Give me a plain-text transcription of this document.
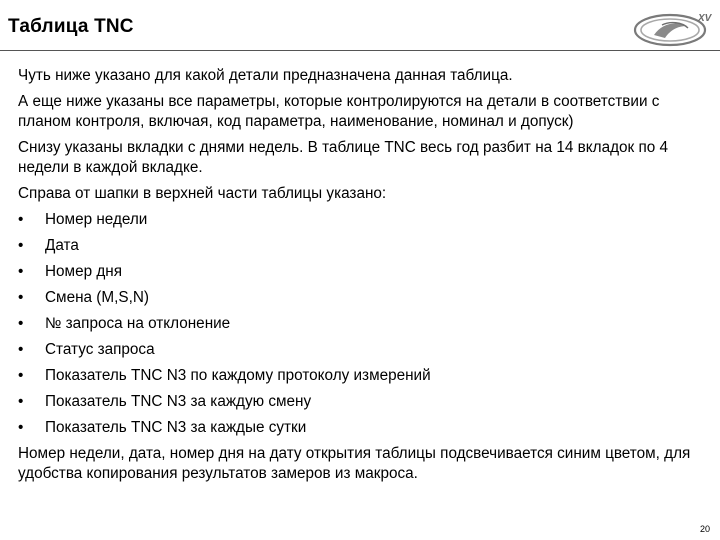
Таблица TNC	XV

Чуть ниже указано для какой детали предназначена данная таблица.

А еще ниже указаны все параметры, которые контролируются на детали в соответствии с планом контроля, включая, код параметра, наименование, номинал и допуск)

Снизу указаны вкладки с днями недель. В таблице TNC весь год разбит на 14 вкладок по 4 недели в каждой вкладке.

Справа от шапки в верхней части таблицы указано:

• Номер недели
• Дата
• Номер дня
• Смена (M,S,N)
• № запроса на отклонение
• Статус запроса
• Показатель TNC N3 по каждому протоколу измерений
• Показатель TNC N3 за каждую смену
• Показатель TNC N3 за каждые сутки

Номер недели, дата, номер дня на дату открытия таблицы подсвечивается синим цветом, для удобства копирования результатов замеров из макроса.

20
